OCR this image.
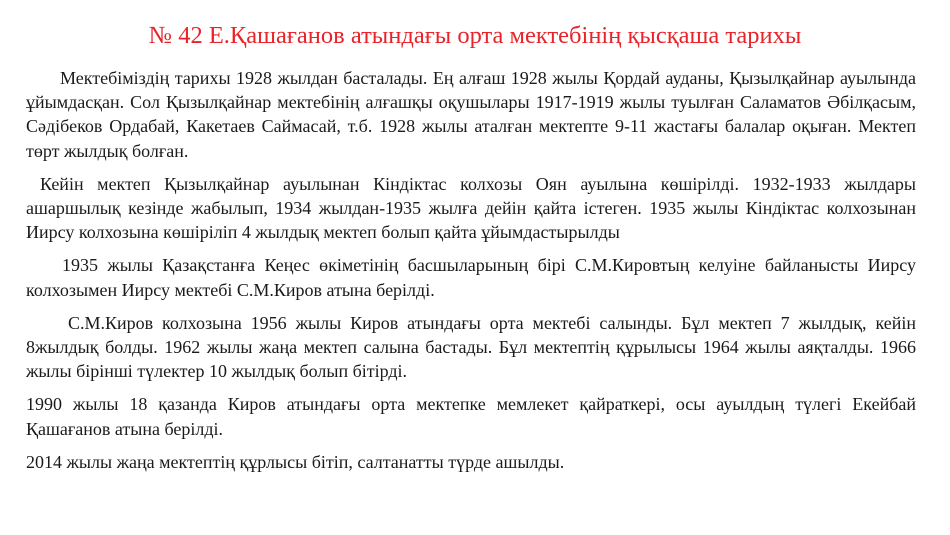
№ 42 Е.Қашағанов атындағы орта мектебінің қысқаша тарихы

Мектебіміздің тарихы 1928 жылдан басталады. Ең алғаш 1928 жылы Қордай ауданы, Қызылқайнар ауылында ұйымдасқан. Сол Қызылқайнар мектебінің алғашқы оқушылары 1917-1919 жылы туылған Саламатов Әбілқасым, Сәдібеков Ордабай, Какетаев Саймасай, т.б. 1928 жылы аталған мектепте 9-11 жастағы балалар оқыған. Мектеп төрт жылдық болған.

Кейін мектеп Қызылқайнар ауылынан Кіндіктас колхозы Оян ауылына көшірілді. 1932-1933 жылдары ашаршылық кезінде жабылып, 1934 жылдан-1935 жылға дейін қайта істеген. 1935 жылы Кіндіктас колхозынан Иирсу колхозына көшіріліп 4 жылдық мектеп болып қайта ұйымдастырылды

1935 жылы Қазақстанға Кеңес өкіметінің басшыларының бірі С.М.Кировтың келуіне байланысты Иирсу колхозымен Иирсу мектебі С.М.Киров атына берілді.

С.М.Киров колхозына 1956 жылы Киров атындағы орта мектебі салынды. Бұл мектеп 7 жылдық, кейін 8жылдық болды. 1962 жылы жаңа мектеп салына бастады. Бұл мектептің құрылысы 1964 жылы аяқталды. 1966 жылы бірінші түлектер 10 жылдық болып бітірді.

1990 жылы 18 қазанда Киров атындағы орта мектепке мемлекет қайраткері, осы ауылдың түлегі Екейбай Қашағанов атына берілді.

2014 жылы жаңа мектептің құрлысы бітіп, салтанатты түрде ашылды.
